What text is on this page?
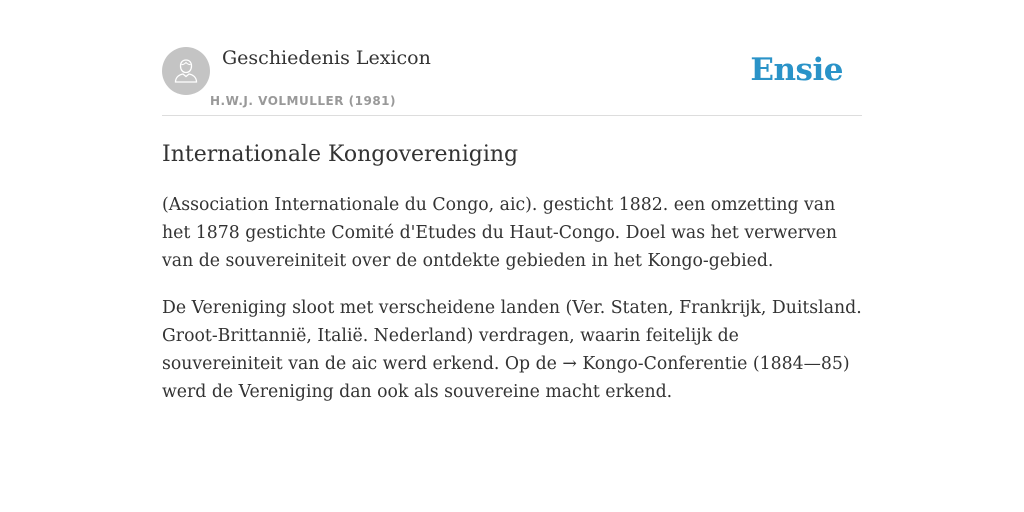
Geschiedenis Lexicon
H.W.J. VOLMULLER (1981)
Ensie
Internationale Kongovereniging

(Association Internationale du Congo, aic). gesticht 1882. een omzetting van het 1878 gestichte Comité d'Etudes du Haut-Congo. Doel was het verwerven van de souvereiniteit over de ontdekte gebieden in het Kongo-gebied.

De Vereniging sloot met verscheidene landen (Ver. Staten, Frankrijk, Duitsland. Groot-Brittannië, Italië. Nederland) verdragen, waarin feitelijk de souvereiniteit van de aic werd erkend. Op de → Kongo-Conferentie (1884—85) werd de Vereniging dan ook als souvereine macht erkend.
